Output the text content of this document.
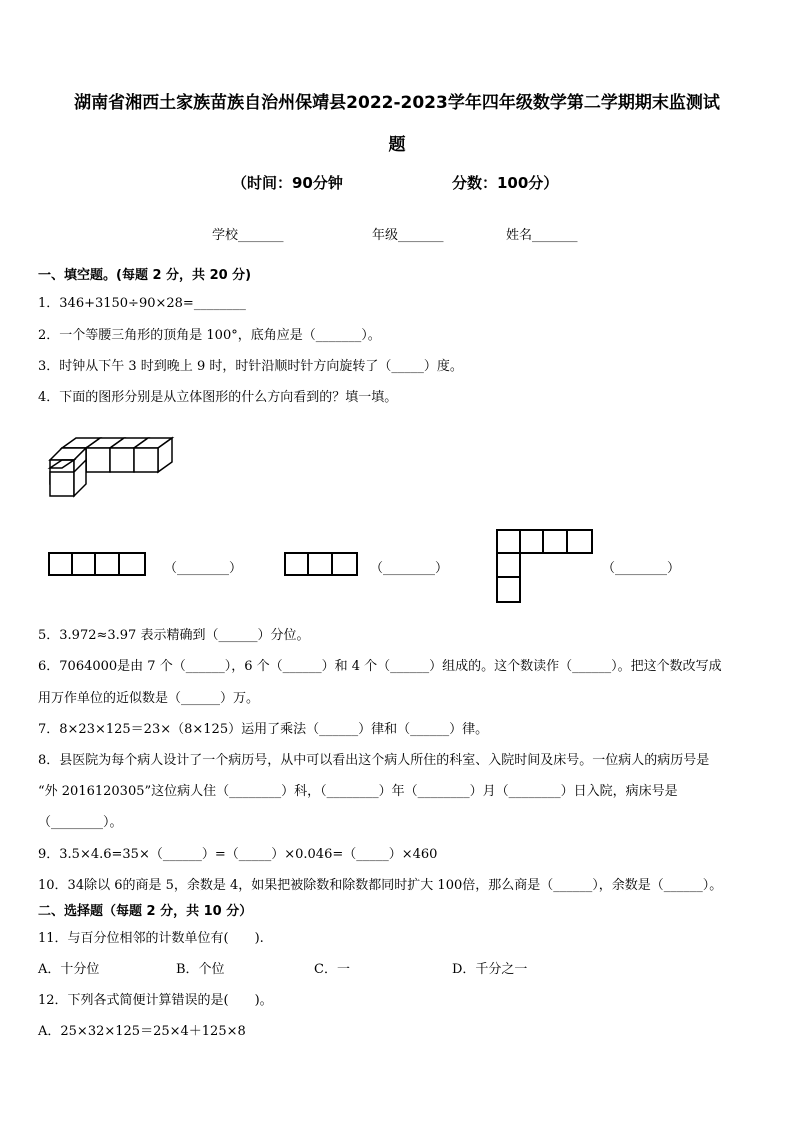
湖南省湘西土家族苗族自治州保靖县2022-2023学年四年级数学第二学期期末监测试
题
（时间：90分钟	分数：100分）
学校_______	年级_______	姓名_______
一、填空题。(每题 2 分，共 20 分)
1．346+3150÷90×28=________
2．一个等腰三角形的顶角是 100°，底角应是（_______）。
3．时钟从下午 3 时到晚上 9 时，时针沿顺时针方向旋转了（_____）度。
4．下面的图形分别是从立体图形的什么方向看到的？填一填。
（________）	（________）	（________）
5．3.972≈3.97 表示精确到（______）分位。
6．7064000是由 7 个（______），6 个（______）和 4 个（______）组成的。这个数读作（______）。把这个数改写成
用万作单位的近似数是（______）万。
7．8×23×125＝23×（8×125）运用了乘法（______）律和（______）律。
8．县医院为每个病人设计了一个病历号，从中可以看出这个病人所住的科室、入院时间及床号。一位病人的病历号是
“外 2016120305”这位病人住（________）科，（________）年（________）月（________）日入院，病床号是
（________）。
9．3.5×4.6=35×（______）=（_____）×0.046=（_____）×460
10．34除以 6的商是 5，余数是 4，如果把被除数和除数都同时扩大 100倍，那么商是（______），余数是（______）。
二、选择题（每题 2 分，共 10 分）
11．与百分位相邻的计数单位有(　　).
A．十分位	B．个位	C．一	D．千分之一
12．下列各式简便计算错误的是(　　)。
A．25×32×125＝25×4＋125×8
